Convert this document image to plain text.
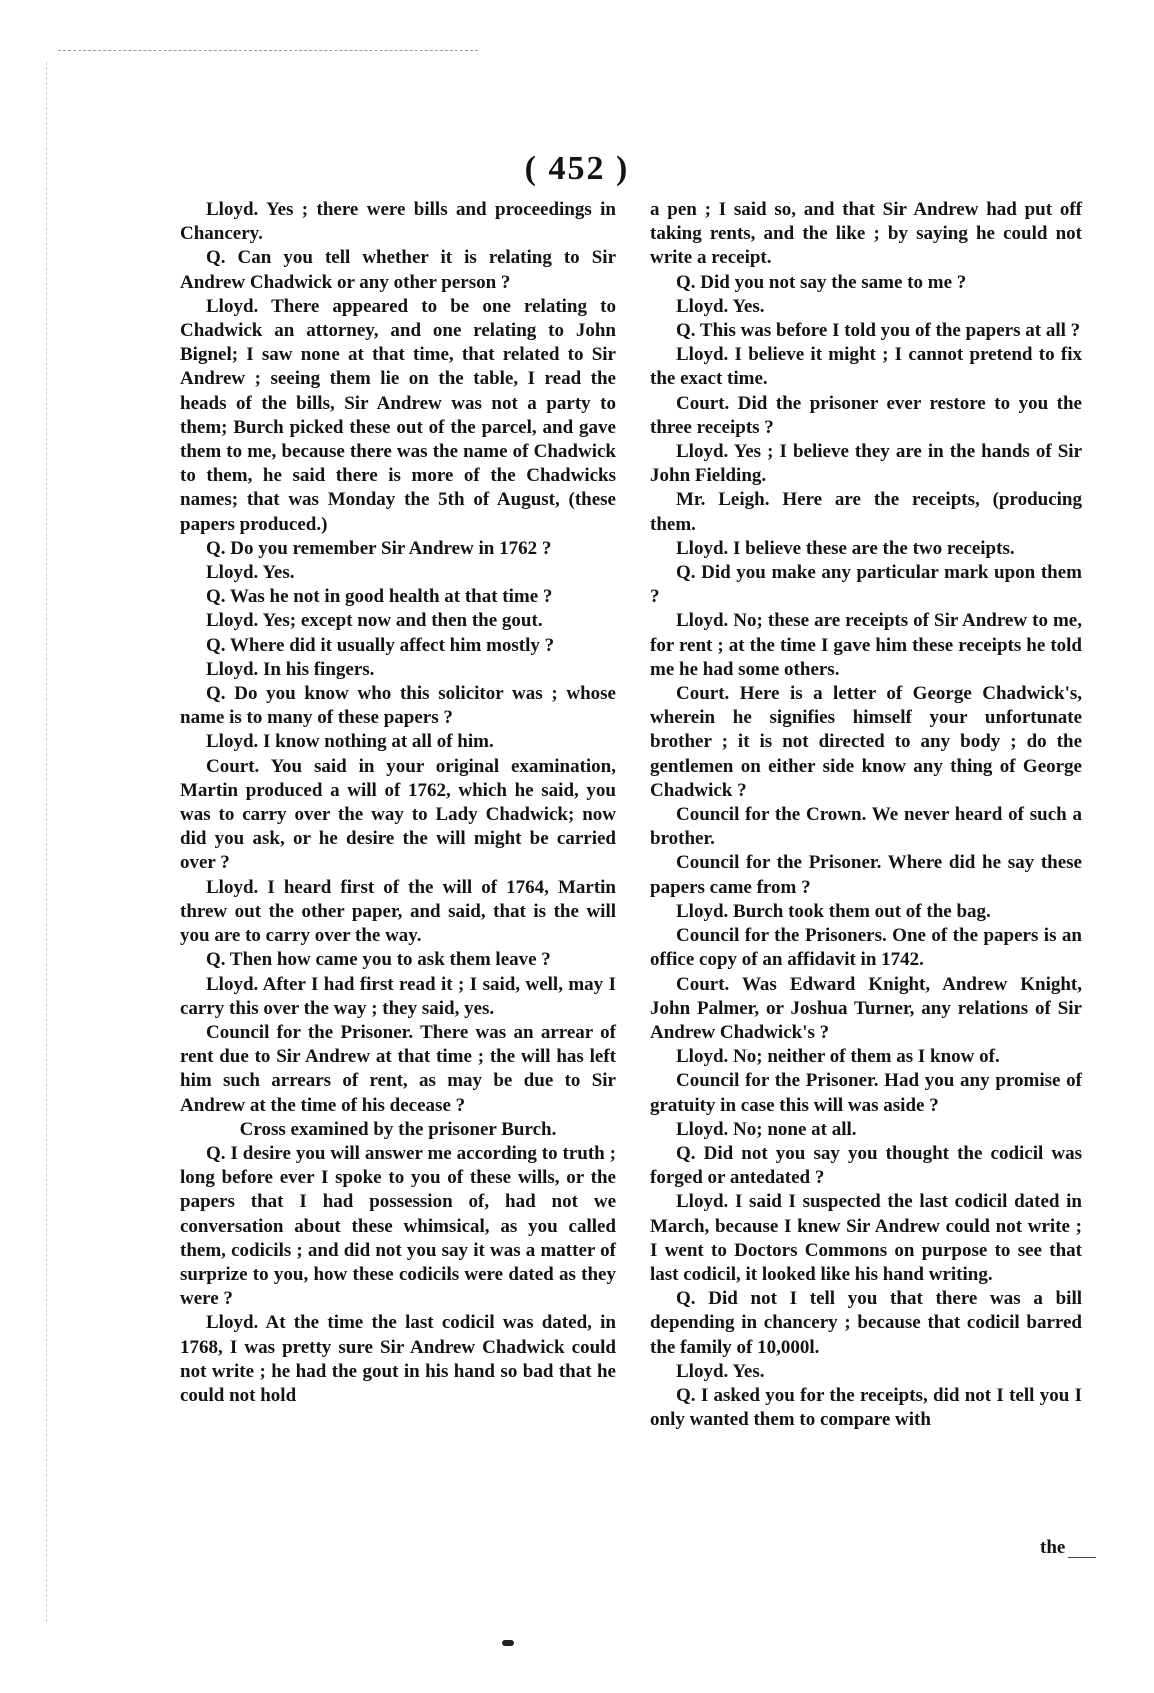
( 452 )

Lloyd. Yes ; there were bills and proceedings in Chancery.

Q. Can you tell whether it is relating to Sir Andrew Chadwick or any other person ?

Lloyd. There appeared to be one relating to Chadwick an attorney, and one relating to John Bignel; I saw none at that time, that related to Sir Andrew ; seeing them lie on the table, I read the heads of the bills, Sir Andrew was not a party to them; Burch picked these out of the parcel, and gave them to me, because there was the name of Chadwick to them, he said there is more of the Chadwicks names; that was Monday the 5th of August, (these papers produced.)

Q. Do you remember Sir Andrew in 1762 ?

Lloyd. Yes.

Q. Was he not in good health at that time ?

Lloyd. Yes; except now and then the gout.

Q. Where did it usually affect him mostly ?

Lloyd. In his fingers.

Q. Do you know who this solicitor was ; whose name is to many of these papers ?

Lloyd. I know nothing at all of him.

Court. You said in your original examination, Martin produced a will of 1762, which he said, you was to carry over the way to Lady Chadwick; now did you ask, or he desire the will might be carried over ?

Lloyd. I heard first of the will of 1764, Martin threw out the other paper, and said, that is the will you are to carry over the way.

Q. Then how came you to ask them leave ?

Lloyd. After I had first read it ; I said, well, may I carry this over the way ; they said, yes.

Council for the Prisoner. There was an arrear of rent due to Sir Andrew at that time ; the will has left him such arrears of rent, as may be due to Sir Andrew at the time of his decease ?

Cross examined by the prisoner Burch.

Q. I desire you will answer me according to truth ; long before ever I spoke to you of these wills, or the papers that I had possession of, had not we conversation about these whimsical, as you called them, codicils ; and did not you say it was a matter of surprize to you, how these codicils were dated as they were ?

Lloyd. At the time the last codicil was dated, in 1768, I was pretty sure Sir Andrew Chadwick could not write ; he had the gout in his hand so bad that he could not hold

a pen ; I said so, and that Sir Andrew had put off taking rents, and the like ; by saying he could not write a receipt.

Q. Did you not say the same to me ?

Lloyd. Yes.

Q. This was before I told you of the papers at all ?

Lloyd. I believe it might ; I cannot pretend to fix the exact time.

Court. Did the prisoner ever restore to you the three receipts ?

Lloyd. Yes ; I believe they are in the hands of Sir John Fielding.

Mr. Leigh. Here are the receipts, (producing them.

Lloyd. I believe these are the two receipts.

Q. Did you make any particular mark upon them ?

Lloyd. No; these are receipts of Sir Andrew to me, for rent ; at the time I gave him these receipts he told me he had some others.

Court. Here is a letter of George Chadwick's, wherein he signifies himself your unfortunate brother ; it is not directed to any body ; do the gentlemen on either side know any thing of George Chadwick ?

Council for the Crown. We never heard of such a brother.

Council for the Prisoner. Where did he say these papers came from ?

Lloyd. Burch took them out of the bag.

Council for the Prisoners. One of the papers is an office copy of an affidavit in 1742.

Court. Was Edward Knight, Andrew Knight, John Palmer, or Joshua Turner, any relations of Sir Andrew Chadwick's ?

Lloyd. No; neither of them as I know of.

Council for the Prisoner. Had you any promise of gratuity in case this will was aside ?

Lloyd. No; none at all.

Q. Did not you say you thought the codicil was forged or antedated ?

Lloyd. I said I suspected the last codicil dated in March, because I knew Sir Andrew could not write ; I went to Doctors Commons on purpose to see that last codicil, it looked like his hand writing.

Q. Did not I tell you that there was a bill depending in chancery ; because that codicil barred the family of 10,000l.

Lloyd. Yes.

Q. I asked you for the receipts, did not I tell you I only wanted them to compare with

the
